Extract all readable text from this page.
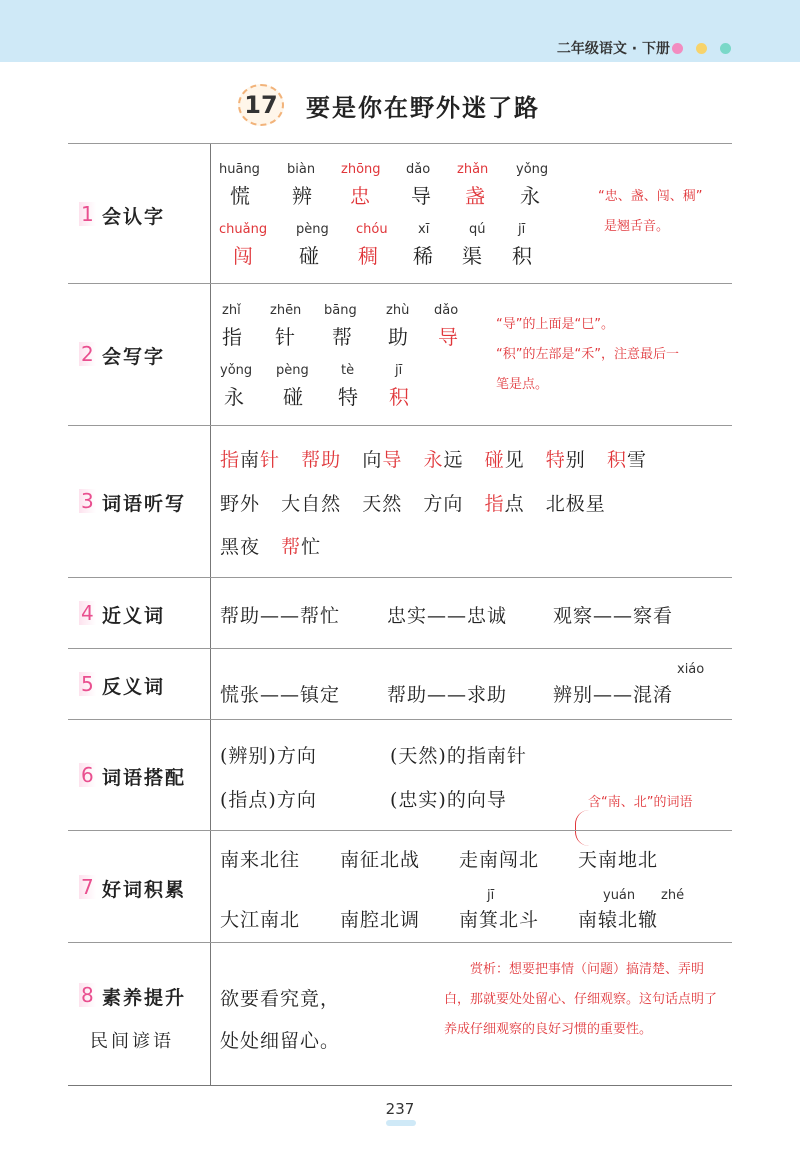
二年级语文 · 下册
17 要是你在野外迷了路
1 会认字
huāng biàn zhōng dǎo zhǎn yǒng
慌 辨 忠 导 盏 永
chuǎng pèng chóu xī	qú	jī
闯 碰 稠 稀 渠 积
“忠、盏、闯、稠”
是翘舌音。
2 会写字
zhǐ zhēn bāng zhù dǎo
指 针 帮 助 导
yǒng pèng tè	jī
永 碰 特 积
“导”的上面是“巳”。
“积”的左部是“禾”，注意最后一
笔是点。
3 词语听写
指南针 帮助 向导 永远 碰见 特别 积雪
野外 大自然 天然 方向 指点 北极星
黑夜 帮忙
4 近义词	帮助——帮忙 忠实——忠诚 观察——察看
5 反义词
xiáo
慌张——镇定 帮助——求助 辨别——混淆
6 词语搭配
(辨别)方向	(天然)的指南针
(指点)方向	(忠实)的向导	含“南、北”的词语
7 好词积累
南来北往 南征北战 走南闯北 天南地北
jī	yuán zhé
大江南北 南腔北调 南箕北斗 南辕北辙
8 素养提升
民间谚语
欲要看究竟，
处处细留心。
赏析：想要把事情（问题）搞清楚、弄明白，那就要处处留心、仔细观察。这句话点明了养成仔细观察的良好习惯的重要性。
237
